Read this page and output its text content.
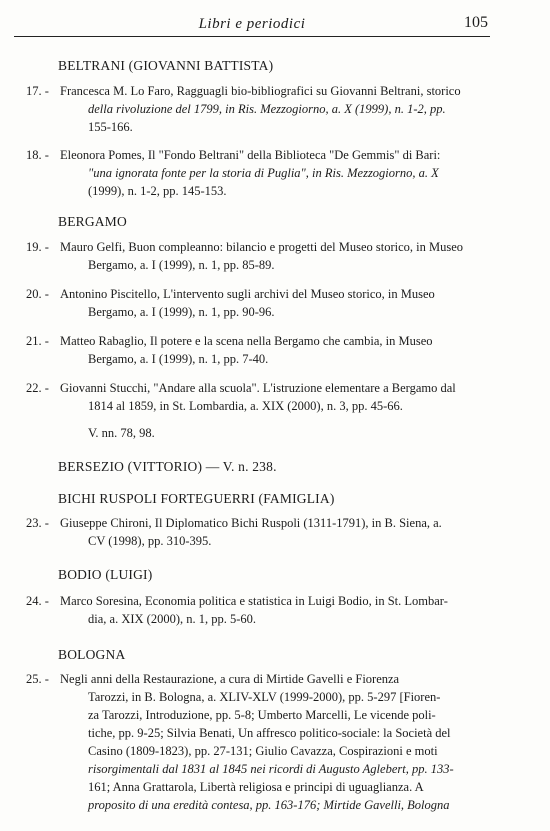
Libri e periodici	105
BELTRANI (GIOVANNI BATTISTA)
17. - Francesca M. Lo Faro, Ragguagli bio-bibliografici su Giovanni Beltrani, storico
della rivoluzione del 1799, in Ris. Mezzogiorno, a. X (1999), n. 1-2, pp.
155-166.
18. - Eleonora Pomes, Il "Fondo Beltrani" della Biblioteca "De Gemmis" di Bari:
"una ignorata fonte per la storia di Puglia", in Ris. Mezzogiorno, a. X
(1999), n. 1-2, pp. 145-153.
BERGAMO
19. - Mauro Gelfi, Buon compleanno: bilancio e progetti del Museo storico, in Museo
Bergamo, a. I (1999), n. 1, pp. 85-89.
20. - Antonino Piscitello, L'intervento sugli archivi del Museo storico, in Museo
Bergamo, a. I (1999), n. 1, pp. 90-96.
21. - Matteo Rabaglio, Il potere e la scena nella Bergamo che cambia, in Museo
Bergamo, a. I (1999), n. 1, pp. 7-40.
22. - Giovanni Stucchi, "Andare alla scuola". L'istruzione elementare a Bergamo dal
1814 al 1859, in St. Lombardia, a. XIX (2000), n. 3, pp. 45-66.
V. nn. 78, 98.
BERSEZIO (VITTORIO) — V. n. 238.
BICHI RUSPOLI FORTEGUERRI (FAMIGLIA)
23. - Giuseppe Chironi, Il Diplomatico Bichi Ruspoli (1311-1791), in B. Siena, a.
CV (1998), pp. 310-395.
BODIO (LUIGI)
24. - Marco Soresina, Economia politica e statistica in Luigi Bodio, in St. Lombar-
dia, a. XIX (2000), n. 1, pp. 5-60.
BOLOGNA
25. - Negli anni della Restaurazione, a cura di Mirtide Gavelli e Fiorenza
Tarozzi, in B. Bologna, a. XLIV-XLV (1999-2000), pp. 5-297 [Fioren-
za Tarozzi, Introduzione, pp. 5-8; Umberto Marcelli, Le vicende poli-
tiche, pp. 9-25; Silvia Benati, Un affresco politico-sociale: la Società del
Casino (1809-1823), pp. 27-131; Giulio Cavazza, Cospirazioni e moti
risorgimentali dal 1831 al 1845 nei ricordi di Augusto Aglebert, pp. 133-
161; Anna Grattarola, Libertà religiosa e principi di uguaglianza. A
proposito di una eredità contesa, pp. 163-176; Mirtide Gavelli, Bologna
